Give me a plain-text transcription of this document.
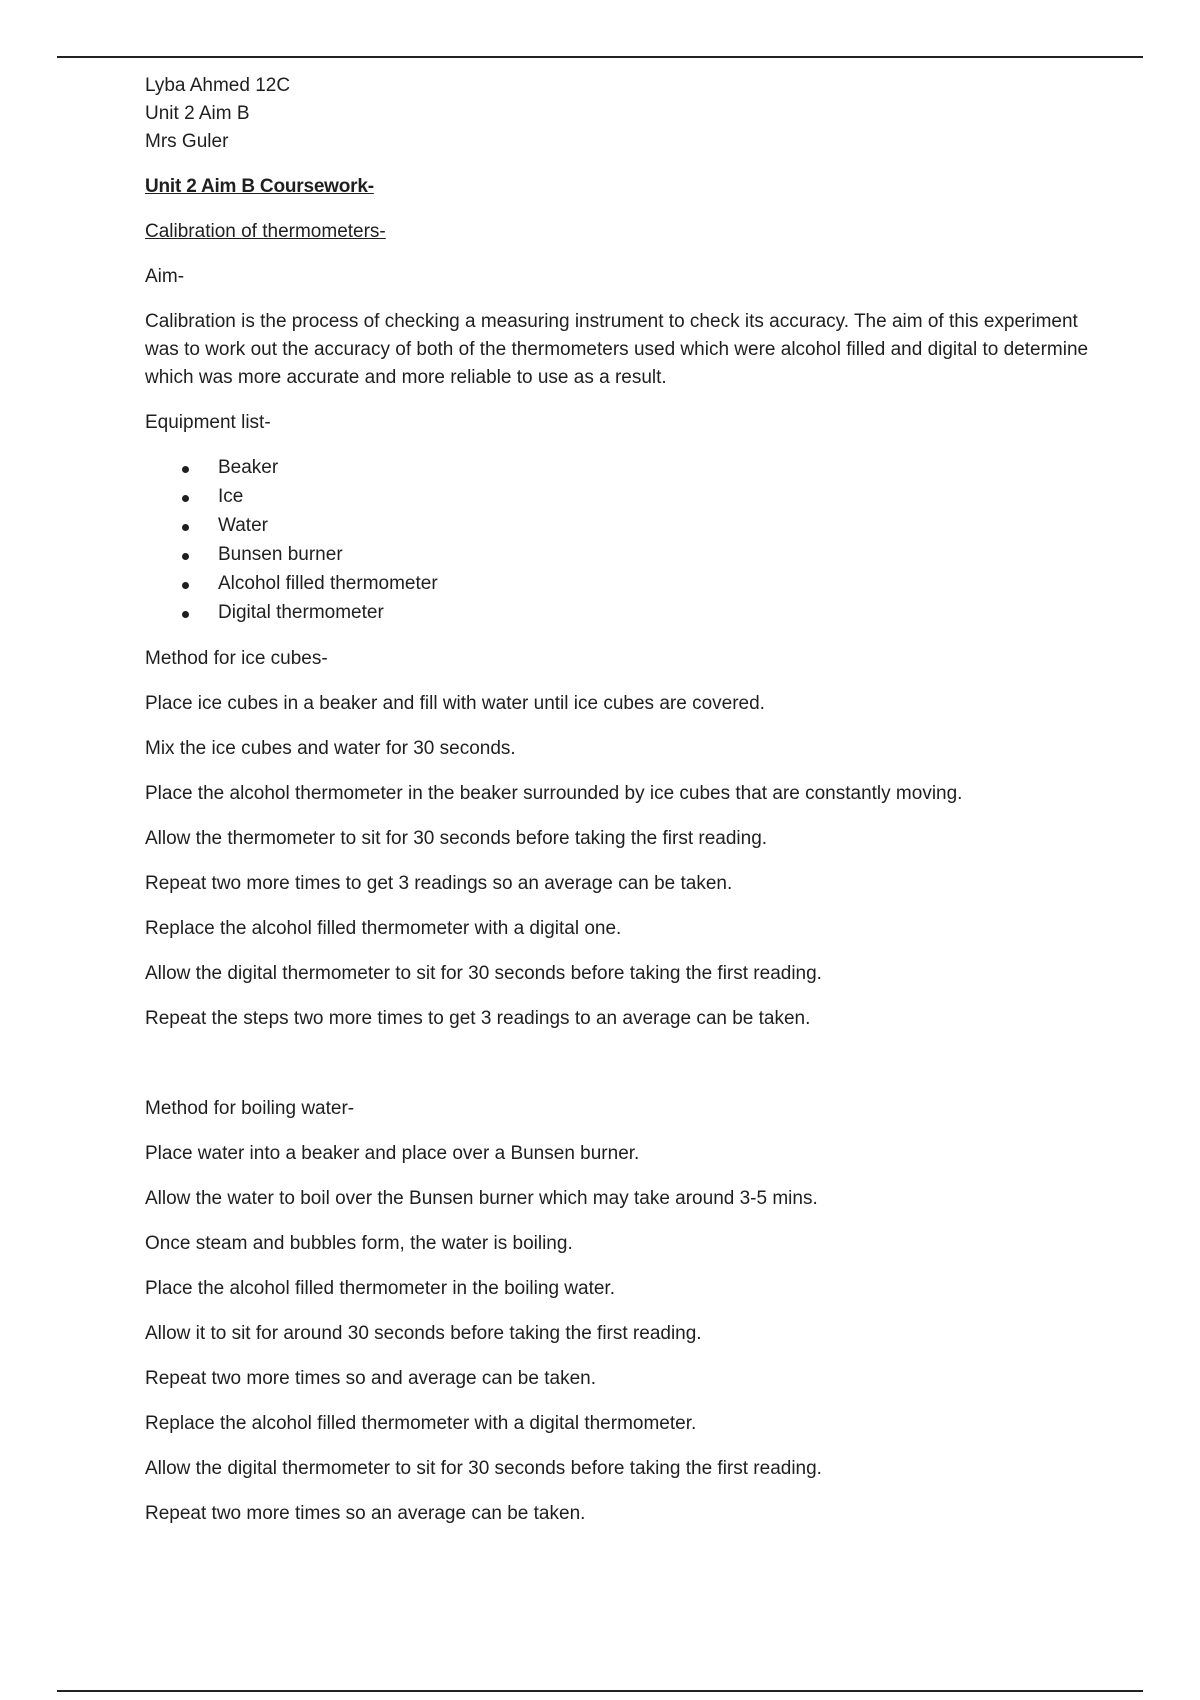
Lyba Ahmed 12C
Unit 2 Aim B
Mrs Guler

Unit 2 Aim B Coursework-

Calibration of thermometers-

Aim-

Calibration is the process of checking a measuring instrument to check its accuracy. The aim of this experiment was to work out the accuracy of both of the thermometers used which were alcohol filled and digital to determine which was more accurate and more reliable to use as a result.

Equipment list-

Beaker
Ice
Water
Bunsen burner
Alcohol filled thermometer
Digital thermometer

Method for ice cubes-

Place ice cubes in a beaker and fill with water until ice cubes are covered.

Mix the ice cubes and water for 30 seconds.

Place the alcohol thermometer in the beaker surrounded by ice cubes that are constantly moving.

Allow the thermometer to sit for 30 seconds before taking the first reading.

Repeat two more times to get 3 readings so an average can be taken.

Replace the alcohol filled thermometer with a digital one.

Allow the digital thermometer to sit for 30 seconds before taking the first reading.

Repeat the steps two more times to get 3 readings to an average can be taken.

Method for boiling water-

Place water into a beaker and place over a Bunsen burner.

Allow the water to boil over the Bunsen burner which may take around 3-5 mins.

Once steam and bubbles form, the water is boiling.

Place the alcohol filled thermometer in the boiling water.

Allow it to sit for around 30 seconds before taking the first reading.

Repeat two more times so and average can be taken.

Replace the alcohol filled thermometer with a digital thermometer.

Allow the digital thermometer to sit for 30 seconds before taking the first reading.

Repeat two more times so an average can be taken.
